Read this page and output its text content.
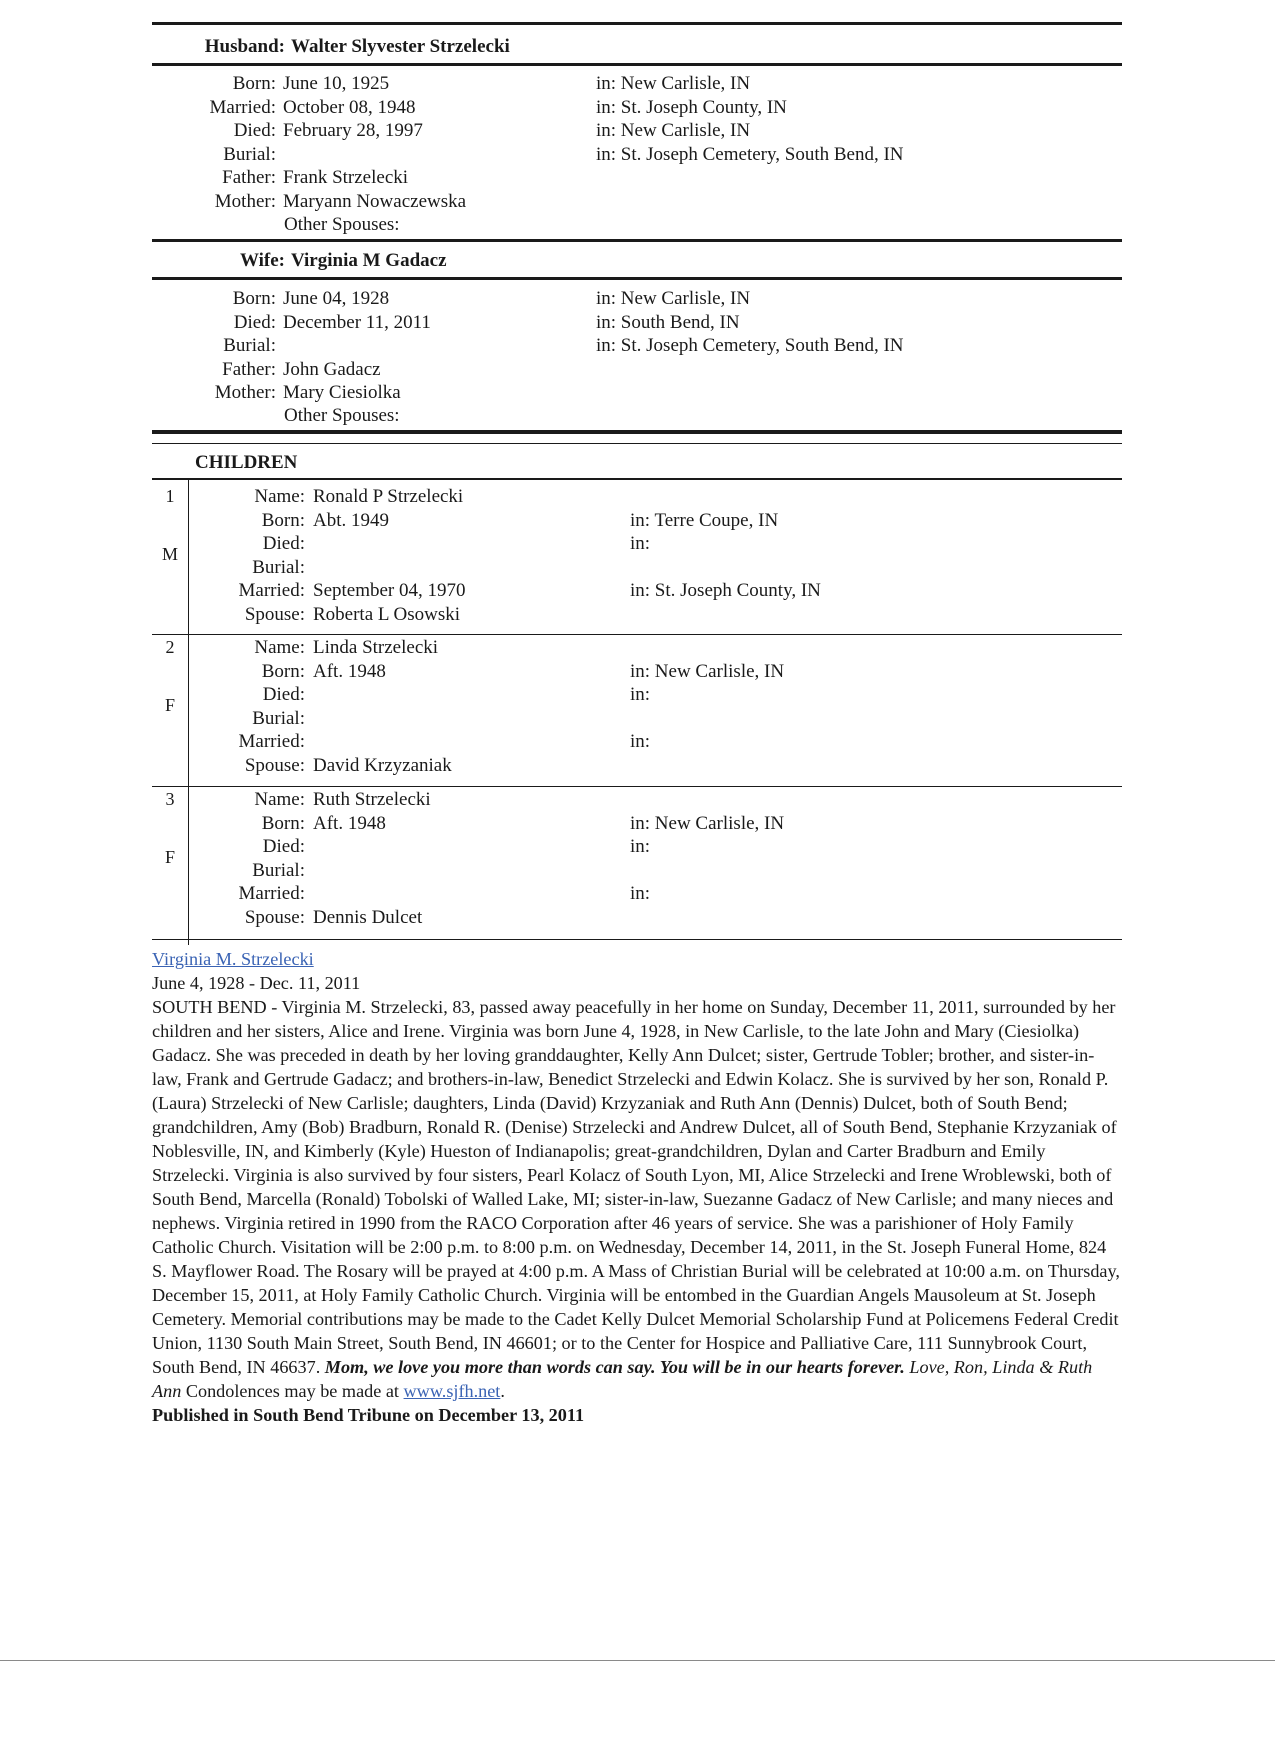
Husband: Walter Slyvester Strzelecki
Born: June 10, 1925	in: New Carlisle, IN
Married: October 08, 1948	in: St. Joseph County, IN
Died: February 28, 1997	in: New Carlisle, IN
Burial:	in: St. Joseph Cemetery, South Bend, IN
Father: Frank Strzelecki
Mother: Maryann Nowaczewska
Other Spouses:
Wife: Virginia M Gadacz
Born: June 04, 1928	in: New Carlisle, IN
Died: December 11, 2011	in: South Bend, IN
Burial:	in: St. Joseph Cemetery, South Bend, IN
Father: John Gadacz
Mother: Mary Ciesiolka
Other Spouses:
CHILDREN
1
M
Name: Ronald P Strzelecki
Born: Abt. 1949	in: Terre Coupe, IN
Died:	in:
Burial:
Married: September 04, 1970	in: St. Joseph County, IN
Spouse: Roberta L Osowski
2
F
Name: Linda Strzelecki
Born: Aft. 1948	in: New Carlisle, IN
Died:	in:
Burial:
Married:	in:
Spouse: David Krzyzaniak
3
F
Name: Ruth Strzelecki
Born: Aft. 1948	in: New Carlisle, IN
Died:	in:
Burial:
Married:	in:
Spouse: Dennis Dulcet

Virginia M. Strzelecki

June 4, 1928 - Dec. 11, 2011

SOUTH BEND - Virginia M. Strzelecki, 83, passed away peacefully in her home on Sunday, December 11, 2011, surrounded by her children and her sisters, Alice and Irene. Virginia was born June 4, 1928, in New Carlisle, to the late John and Mary (Ciesiolka) Gadacz. She was preceded in death by her loving granddaughter, Kelly Ann Dulcet; sister, Gertrude Tobler; brother, and sister-in-law, Frank and Gertrude Gadacz; and brothers-in-law, Benedict Strzelecki and Edwin Kolacz. She is survived by her son, Ronald P. (Laura) Strzelecki of New Carlisle; daughters, Linda (David) Krzyzaniak and Ruth Ann (Dennis) Dulcet, both of South Bend; grandchildren, Amy (Bob) Bradburn, Ronald R. (Denise) Strzelecki and Andrew Dulcet, all of South Bend, Stephanie Krzyzaniak of Noblesville, IN, and Kimberly (Kyle) Hueston of Indianapolis; great-grandchildren, Dylan and Carter Bradburn and Emily Strzelecki. Virginia is also survived by four sisters, Pearl Kolacz of South Lyon, MI, Alice Strzelecki and Irene Wroblewski, both of South Bend, Marcella (Ronald) Tobolski of Walled Lake, MI; sister-in-law, Suezanne Gadacz of New Carlisle; and many nieces and nephews. Virginia retired in 1990 from the RACO Corporation after 46 years of service. She was a parishioner of Holy Family Catholic Church. Visitation will be 2:00 p.m. to 8:00 p.m. on Wednesday, December 14, 2011, in the St. Joseph Funeral Home, 824 S. Mayflower Road. The Rosary will be prayed at 4:00 p.m. A Mass of Christian Burial will be celebrated at 10:00 a.m. on Thursday, December 15, 2011, at Holy Family Catholic Church. Virginia will be entombed in the Guardian Angels Mausoleum at St. Joseph Cemetery. Memorial contributions may be made to the Cadet Kelly Dulcet Memorial Scholarship Fund at Policemens Federal Credit Union, 1130 South Main Street, South Bend, IN 46601; or to the Center for Hospice and Palliative Care, 111 Sunnybrook Court, South Bend, IN 46637. Mom, we love you more than words can say. You will be in our hearts forever. Love, Ron, Linda & Ruth Ann Condolences may be made at www.sjfh.net.

Published in South Bend Tribune on December 13, 2011
